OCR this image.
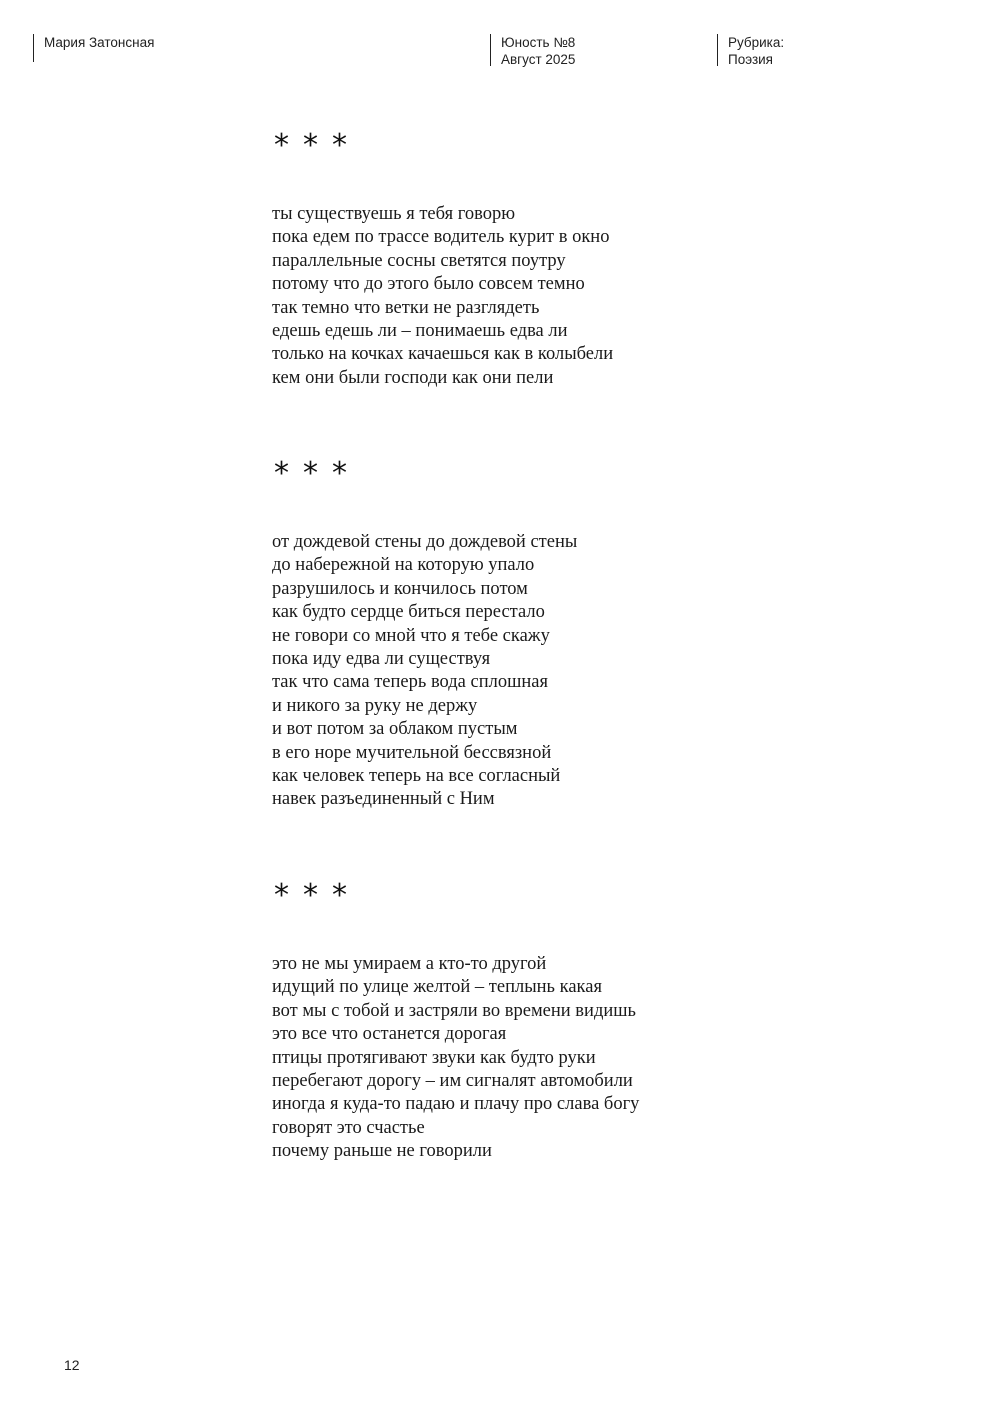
Мария Затонсная	Юность №8
Август 2025
Рубрика:
Поэзия
***
ты существуешь я тебя говорю
пока едем по трассе водитель курит в окно
параллельные сосны светятся поутру
потому что до этого было совсем темно
так темно что ветки не разглядеть
едешь едешь ли – понимаешь едва ли
только на кочках качаешься как в колыбели
кем они были господи как они пели
***
от дождевой стены до дождевой стены
до набережной на которую упало
разрушилось и кончилось потом
как будто сердце биться перестало
не говори со мной что я тебе скажу
пока иду едва ли существуя
так что сама теперь вода сплошная
и никого за руку не держу
и вот потом за облаком пустым
в его норе мучительной бессвязной
как человек теперь на все согласный
навек разъединенный с Ним
***
это не мы умираем а кто-то другой
идущий по улице желтой – теплынь какая
вот мы с тобой и застряли во времени видишь
это все что останется дорогая
птицы протягивают звуки как будто руки
перебегают дорогу – им сигналят автомобили
иногда я куда-то падаю и плачу про слава богу
говорят это счастье
почему раньше не говорили
12
